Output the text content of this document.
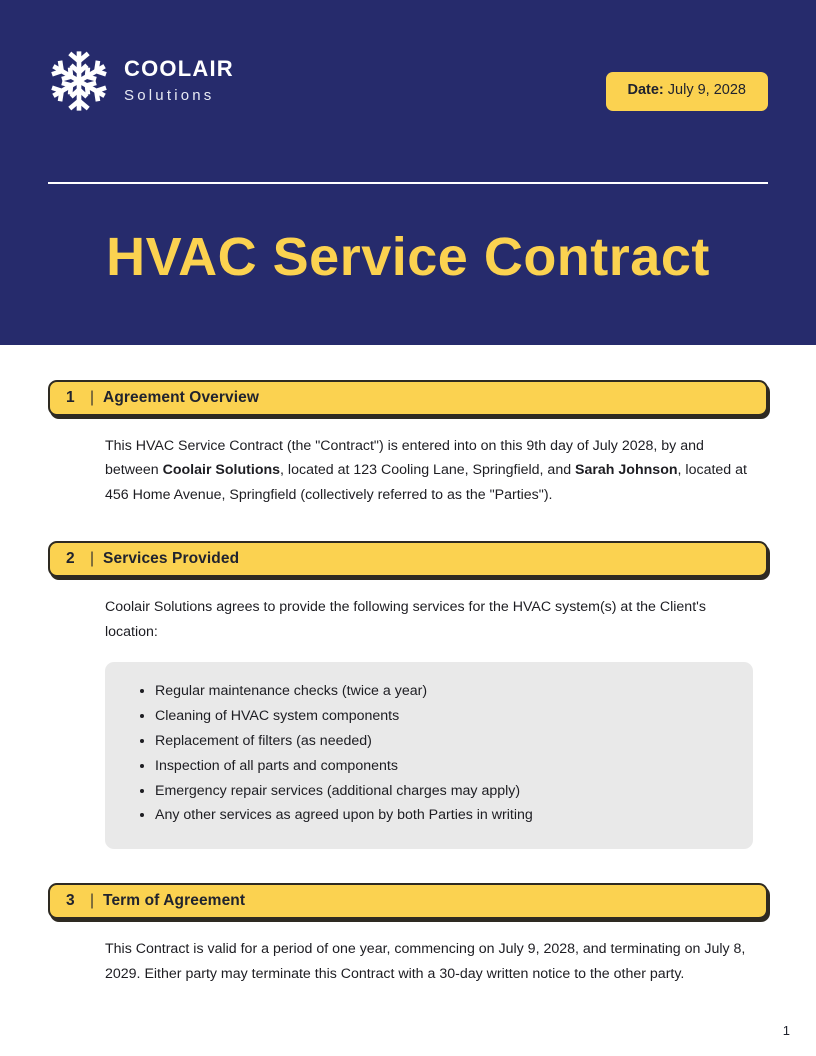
COOLAIR
Solutions	Date: July 9, 2028
HVAC Service Contract
1 | Agreement Overview

This HVAC Service Contract (the "Contract") is entered into on this 9th day of July 2028, by and between Coolair Solutions, located at 123 Cooling Lane, Springfield, and Sarah Johnson, located at 456 Home Avenue, Springfield (collectively referred to as the "Parties").

2 | Services Provided

Coolair Solutions agrees to provide the following services for the HVAC system(s) at the Client's location:

• Regular maintenance checks (twice a year)
• Cleaning of HVAC system components
• Replacement of filters (as needed)
• Inspection of all parts and components
• Emergency repair services (additional charges may apply)
• Any other services as agreed upon by both Parties in writing
3 | Term of Agreement

This Contract is valid for a period of one year, commencing on July 9, 2028, and terminating on July 8, 2029. Either party may terminate this Contract with a 30-day written notice to the other party.

1
